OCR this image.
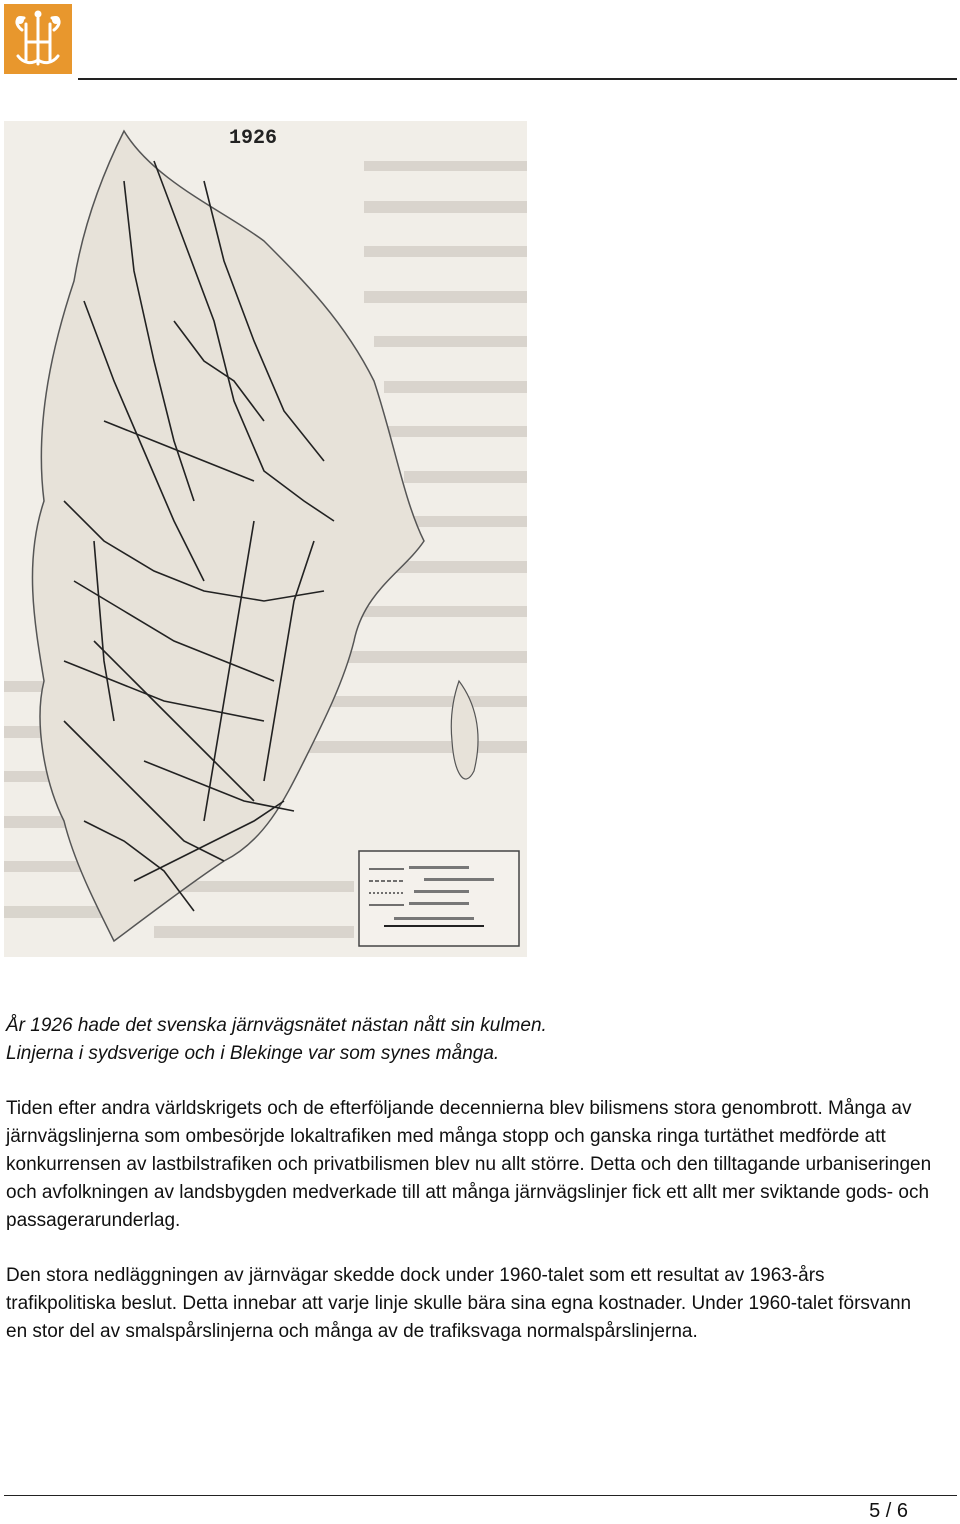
1926

År 1926 hade det svenska järnvägsnätet nästan nått sin kulmen.
Linjerna i sydsverige och i Blekinge var som synes många.

Tiden efter andra världskrigets och de efterföljande decennierna blev bilismens stora genombrott. Många av järnvägslinjerna som ombesörjde lokaltrafiken med många stopp och ganska ringa turtäthet medförde att konkurrensen av lastbilstrafiken och privatbilismen blev nu allt större. Detta och den tilltagande urbaniseringen och avfolkningen av landsbygden medverkade till att många järnvägslinjer fick ett allt mer sviktande gods- och passagerarunderlag.

Den stora nedläggningen av järnvägar skedde dock under 1960-talet som ett resultat av 1963-års trafikpolitiska beslut. Detta innebar att varje linje skulle bära sina egna kostnader. Under 1960-talet försvann en stor del av smalspårslinjerna och många av de trafiksvaga normalspårslinjerna.

5 / 6
